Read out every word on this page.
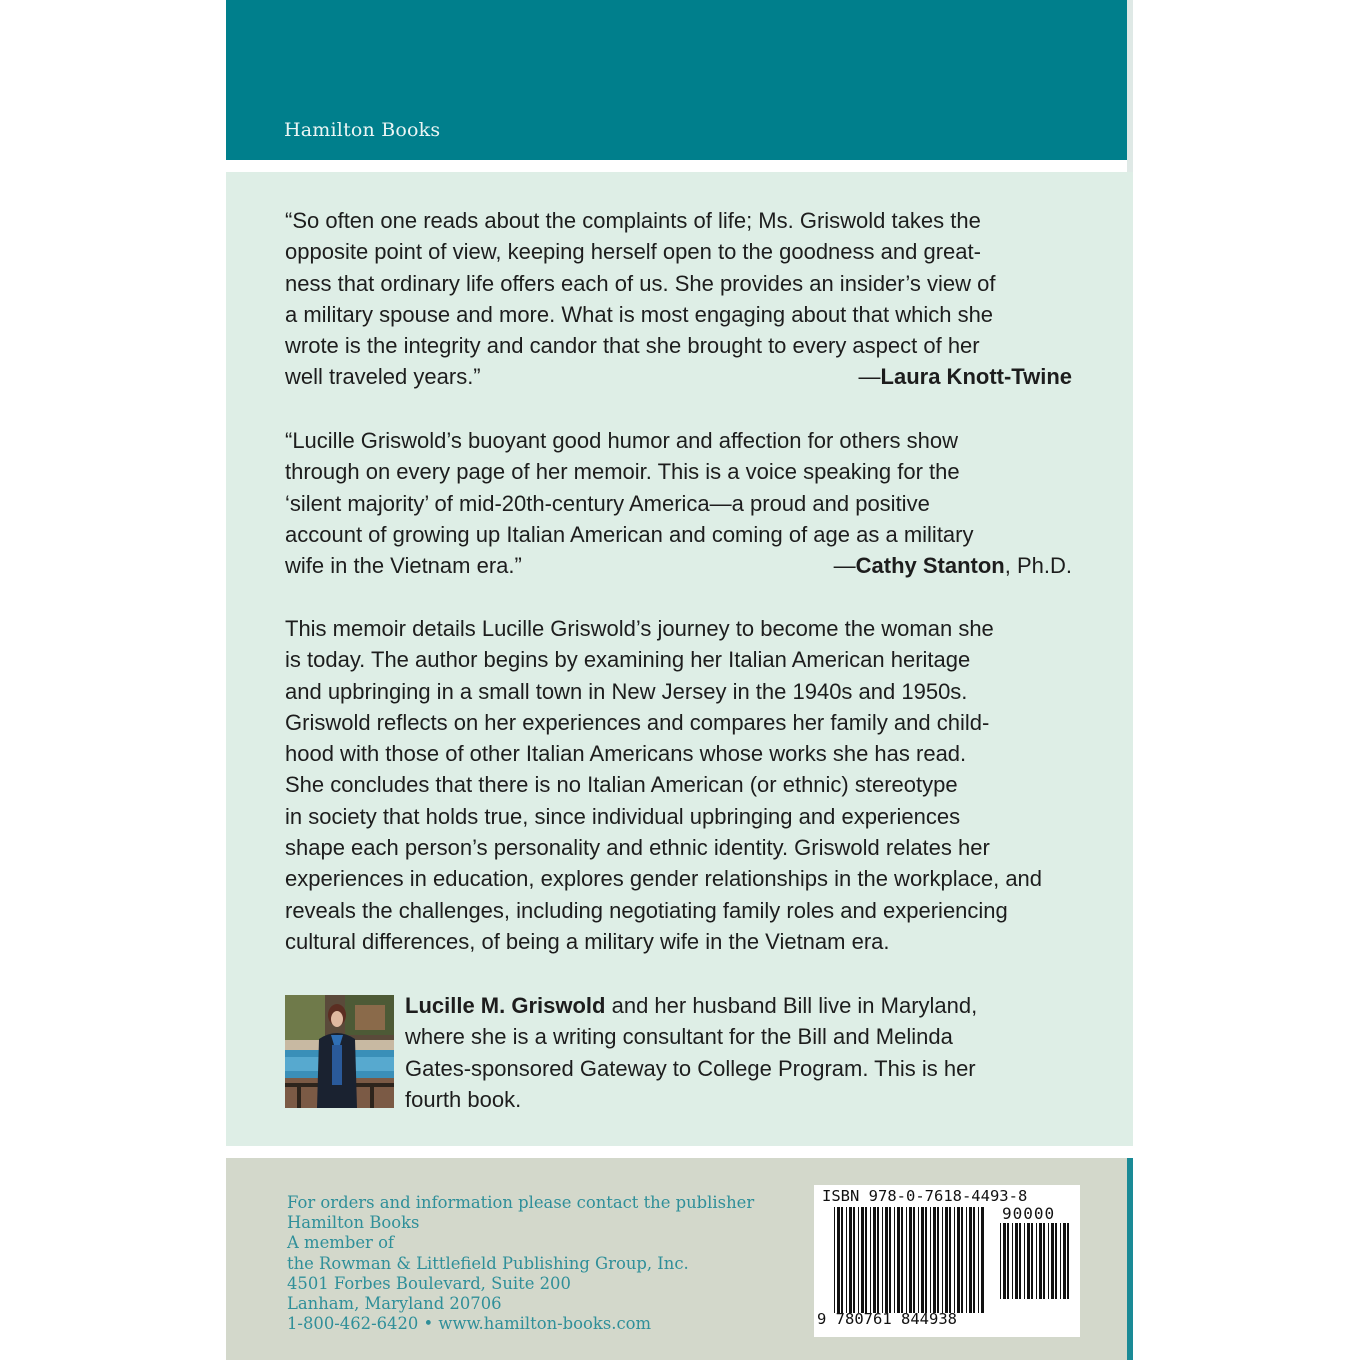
Hamilton Books

“So often one reads about the complaints of life; Ms. Griswold takes the

opposite point of view, keeping herself open to the goodness and great-

ness that ordinary life offers each of us. She provides an insider’s view of

a military spouse and more. What is most engaging about that which she

wrote is the integrity and candor that she brought to every aspect of her

well traveled years.”	—Laura Knott-Twine

“Lucille Griswold’s buoyant good humor and affection for others show

through on every page of her memoir. This is a voice speaking for the

‘silent majority’ of mid-20th-century America—a proud and positive

account of growing up Italian American and coming of age as a military

wife in the Vietnam era.”	—Cathy Stanton, Ph.D.

This memoir details Lucille Griswold’s journey to become the woman she

is today. The author begins by examining her Italian American heritage

and upbringing in a small town in New Jersey in the 1940s and 1950s.

Griswold reflects on her experiences and compares her family and child-

hood with those of other Italian Americans whose works she has read.

She concludes that there is no Italian American (or ethnic) stereotype

in society that holds true, since individual upbringing and experiences

shape each person’s personality and ethnic identity. Griswold relates her

experiences in education, explores gender relationships in the workplace, and

reveals the challenges, including negotiating family roles and experiencing

cultural differences, of being a military wife in the Vietnam era.

Lucille M. Griswold and her husband Bill live in Maryland,

where she is a writing consultant for the Bill and Melinda

Gates-sponsored Gateway to College Program. This is her

fourth book.

For orders and information please contact the publisher
Hamilton Books
A member of
the Rowman & Littlefield Publishing Group, Inc.
4501 Forbes Boulevard, Suite 200
Lanham, Maryland 20706
1-800-462-6420 • www.hamilton-books.com
ISBN 978-0-7618-4493-8
90000
9 780761 844938
